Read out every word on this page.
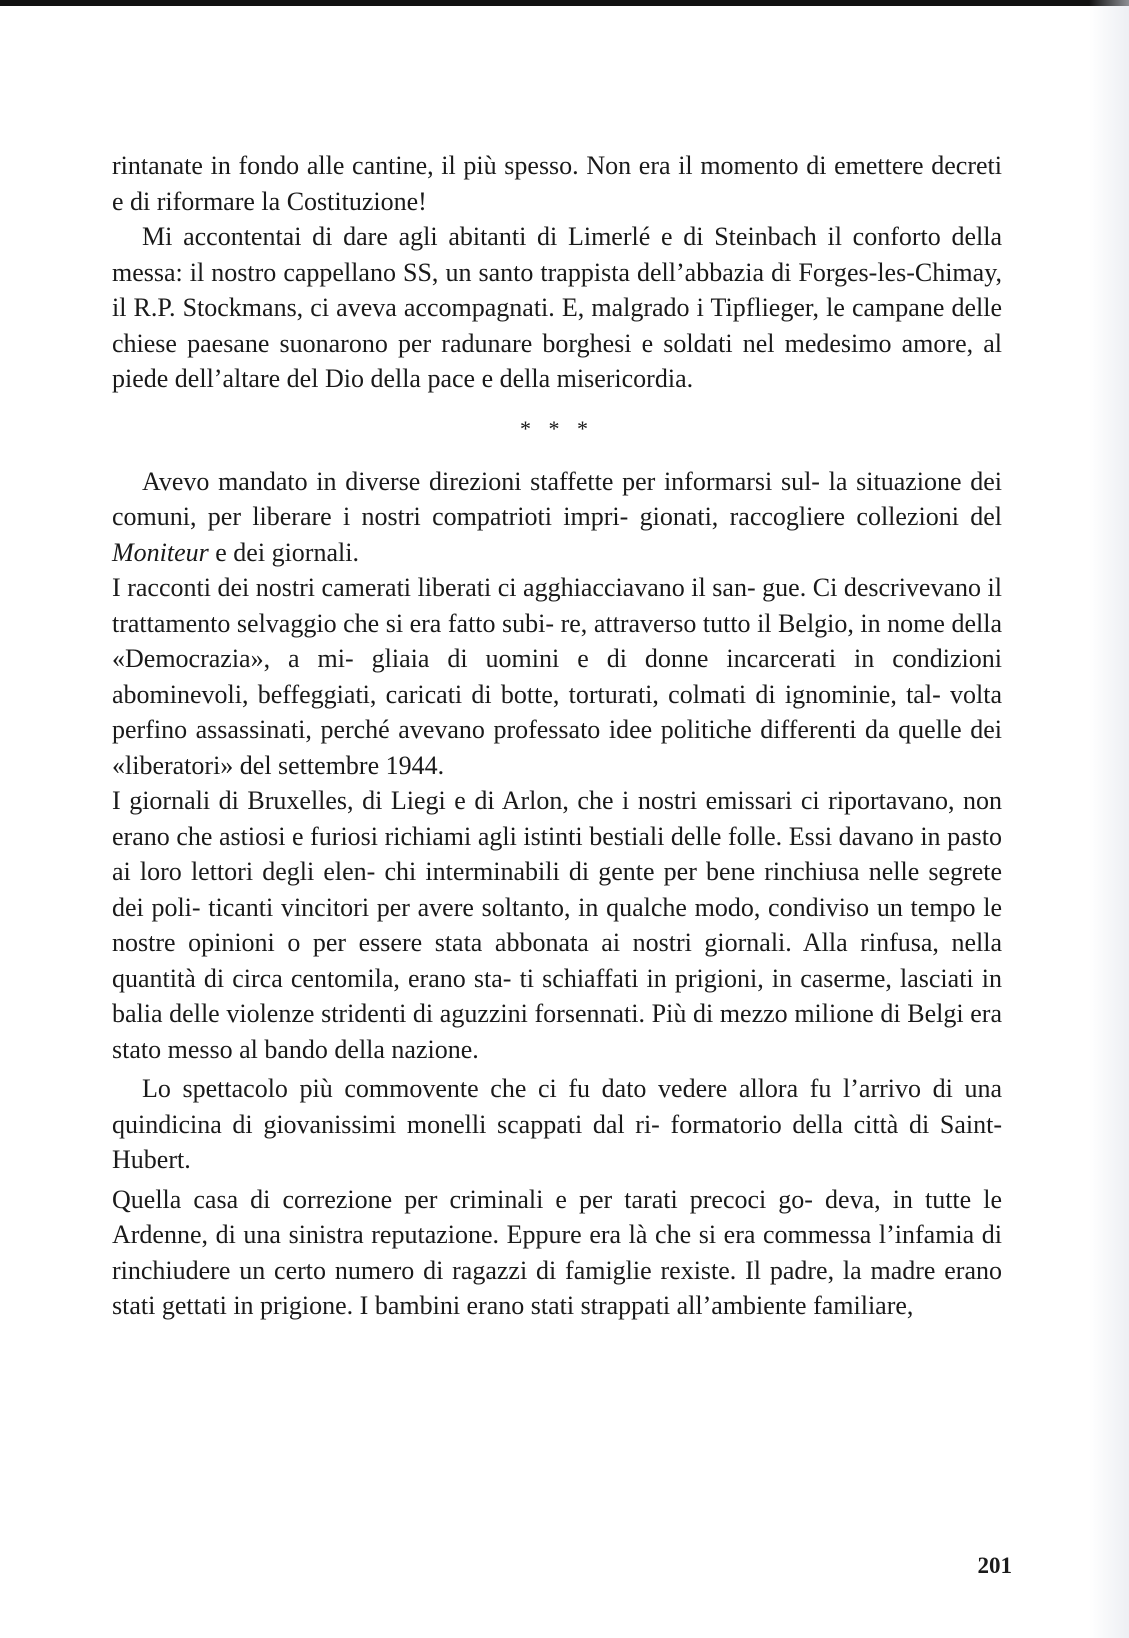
rintanate in fondo alle cantine, il più spesso. Non era il momento di emettere decreti e di riformare la Costituzione!

Mi accontentai di dare agli abitanti di Limerlé e di Steinbach il conforto della messa: il nostro cappellano SS, un santo trappista dell’abbazia di Forges-les-Chimay, il R.P. Stockmans, ci aveva accompagnati. E, malgrado i Tipflieger, le campane delle chiese paesane suonarono per radunare borghesi e soldati nel medesimo amore, al piede dell’altare del Dio della pace e della misericordia.

* * *

Avevo mandato in diverse direzioni staffette per informarsi sul- la situazione dei comuni, per liberare i nostri compatrioti impri- gionati, raccogliere collezioni del Moniteur e dei giornali.

I racconti dei nostri camerati liberati ci agghiacciavano il san- gue. Ci descrivevano il trattamento selvaggio che si era fatto subi- re, attraverso tutto il Belgio, in nome della «Democrazia», a mi- gliaia di uomini e di donne incarcerati in condizioni abominevoli, beffeggiati, caricati di botte, torturati, colmati di ignominie, tal- volta perfino assassinati, perché avevano professato idee politiche differenti da quelle dei «liberatori» del settembre 1944.

I giornali di Bruxelles, di Liegi e di Arlon, che i nostri emissari ci riportavano, non erano che astiosi e furiosi richiami agli istinti bestiali delle folle. Essi davano in pasto ai loro lettori degli elen- chi interminabili di gente per bene rinchiusa nelle segrete dei poli- ticanti vincitori per avere soltanto, in qualche modo, condiviso un tempo le nostre opinioni o per essere stata abbonata ai nostri giornali. Alla rinfusa, nella quantità di circa centomila, erano sta- ti schiaffati in prigioni, in caserme, lasciati in balia delle violenze stridenti di aguzzini forsennati. Più di mezzo milione di Belgi era stato messo al bando della nazione.

Lo spettacolo più commovente che ci fu dato vedere allora fu l’arrivo di una quindicina di giovanissimi monelli scappati dal ri- formatorio della città di Saint-Hubert.

Quella casa di correzione per criminali e per tarati precoci go- deva, in tutte le Ardenne, di una sinistra reputazione. Eppure era là che si era commessa l’infamia di rinchiudere un certo numero di ragazzi di famiglie rexiste. Il padre, la madre erano stati gettati in prigione. I bambini erano stati strappati all’ambiente familiare,

201
